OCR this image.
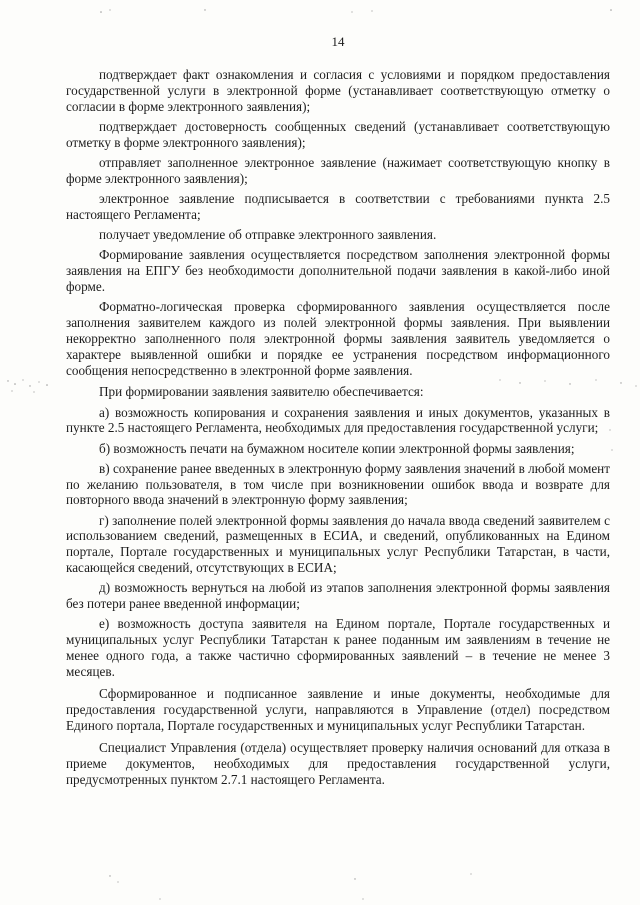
14

подтверждает факт ознакомления и согласия с условиями и порядком предоставления государственной услуги в электронной форме (устанавливает соответствующую отметку о согласии в форме электронного заявления);

подтверждает достоверность сообщенных сведений (устанавливает соответствующую отметку в форме электронного заявления);

отправляет заполненное электронное заявление (нажимает соответствующую кнопку в форме электронного заявления);

электронное заявление подписывается в соответствии с требованиями пункта 2.5 настоящего Регламента;

получает уведомление об отправке электронного заявления.

Формирование заявления осуществляется посредством заполнения электронной формы заявления на ЕПГУ без необходимости дополнительной подачи заявления в какой-либо иной форме.

Форматно-логическая проверка сформированного заявления осуществляется после заполнения заявителем каждого из полей электронной формы заявления. При выявлении некорректно заполненного поля электронной формы заявления заявитель уведомляется о характере выявленной ошибки и порядке ее устранения посредством информационного сообщения непосредственно в электронной форме заявления.

При формировании заявления заявителю обеспечивается:

а) возможность копирования и сохранения заявления и иных документов, указанных в пункте 2.5 настоящего Регламента, необходимых для предоставления государственной услуги;

б) возможность печати на бумажном носителе копии электронной формы заявления;

в) сохранение ранее введенных в электронную форму заявления значений в любой момент по желанию пользователя, в том числе при возникновении ошибок ввода и возврате для повторного ввода значений в электронную форму заявления;

г) заполнение полей электронной формы заявления до начала ввода сведений заявителем с использованием сведений, размещенных в ЕСИА, и сведений, опубликованных на Едином портале, Портале государственных и муниципальных услуг Республики Татарстан, в части, касающейся сведений, отсутствующих в ЕСИА;

д) возможность вернуться на любой из этапов заполнения электронной формы заявления без потери ранее введенной информации;

е) возможность доступа заявителя на Едином портале, Портале государственных и муниципальных услуг Республики Татарстан к ранее поданным им заявлениям в течение не менее одного года, а также частично сформированных заявлений – в течение не менее 3 месяцев.

Сформированное и подписанное заявление и иные документы, необходимые для предоставления государственной услуги, направляются в Управление (отдел) посредством Единого портала, Портале государственных и муниципальных услуг Республики Татарстан.

Специалист Управления (отдела) осуществляет проверку наличия оснований для отказа в приеме документов, необходимых для предоставления государственной услуги, предусмотренных пунктом 2.7.1 настоящего Регламента.
